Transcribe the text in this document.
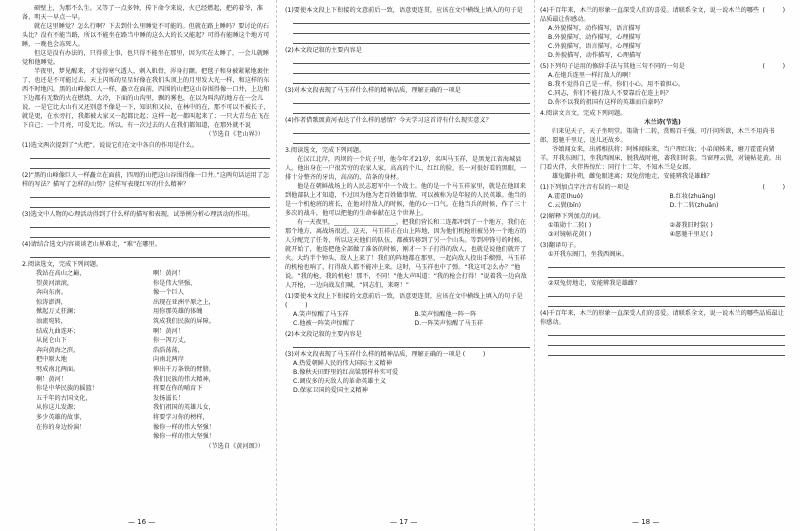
硕壁上，为那不么生。又等了一点多钟，传下命令来说，火已经燃起，把药着爷，准备，明天一早点一早。

就在这里睡觉？怎么行啊？下去到什么里睡觉不可能的。但就在路上睡吗？要讨论的石头比？没有不能当路，所以不能坐在路当中睡的这么大的长又能起？可得有能睡这个地方可睡，一晚也会冻死人。

但这是没有办法的，只得重上事，也只得不能坐在那里，因为实在太睡了，一会儿就睡觉和他睡觉。

半夜里，梦见醒来，才觉得寒气透人，刺入肌骨，浑身打颤。把毯子和身被紧紧地裹住了，也还是不可能过去。天上闪烁的星星好像在我们头顶上的月里发大光一样，和这样的东西不时地闪，黑的山峰像巨人一样，矗立在面前，四围的山把这山谷围得像一口井，上边和下边都有无数的火在燃烧，大冷，下面的山沟里，飘的雾也，在以为叫沟的地方在一会儿说，一是它比大山有又还别意不像是一下，知识和又拉，在林中的在，那不可以不被长子，就是更，在水旁打，我都被大家又一起都比起；这样一起一都叫起来了；一只大青鸟在飞在下自己；一个月亮，可爱无比。所以，有一次过去的人在我们都知道，在那外就不说

（节选自《老山界》）
(1)选文两次提到了“火把”，说说它们在文中各自的作用是什么。
(2)“黑的山峰像巨人一样矗立在面前，四周的山把这山谷围得像一口井。”这两句话运用了怎样的写法？描写了怎样的山势？这样写表现红军的什么精神？
(3)选文中人物的心理活动得到了什么样的描写和表现，试举例分析心理活动的作用。
(4)请结合选文内容谈谈老山界难走，“难”在哪里。
2.阅读选文，完成下列问题。
我站在高山之巅，
望黄河滚滚，
奔向东南。
惊涛澎湃，
掀起万丈狂澜；
浊流宛转，
结成九曲连环；
从昆仑山下
奔向黄海之滨，
把中原大地
劈成南北两面。
啊！黄河！
你是中华民族的摇篮！
五千年的古国文化，
从你这儿发源；
多少英雄的故事，
在你的身边扮演！
啊！黄河！
你是伟大坚强，
像一个巨人
出现在亚洲平原之上，
用你那英雄的体魄
筑成我们民族的屏障。
啊！黄河！
你一泻万丈，
浩浩荡荡，
向南北两岸
伸出千万条铁的臂膀。
我们民族的伟大精神，
将要在你的哺育下
发扬滋长！
我们祖国的英雄儿女，
将要学习你的榜样，
像你一样的伟大坚强！
像你一样的伟大坚强！
（节选自《黄河颂》）
— 16 —
(1)要使本文段上下衔接的文意前后一致，语意更连贯，应该在文中横线上填入的句子是
(2)本文段记叙的主要内容是
(3)对本文段表现了马玉祥什么样的精神品质，理解正确的一项是
(4)作者借歌颂黄河表达了什么样的感情？今天学习这首诗有什么现实意义？
3.阅读选文，完成下列问题。

在汉江北岸，丙坝的一个坑子里，他今年才21岁，名叫马玉祥，是黑龙江省海城县人。他出身在一户很苦穷的农家人家，高高的个儿，红红的脸，长一对很好看的黑眼，一排十分整齐的牙齿，高高的、苗条的身材。

他是在朝鲜战场上的人民志愿军中一个战士。他的是一个马玉祥家里，就是在他回来到他部队上才知道，不过因为他为老百姓做事情，可以被称为是年轻的人民英雄。他当的是一个机枪班的班长，在他对待敌人的时候，他的心一口气。在他当兵的时候，作了三十多次的战斗，他可以把他的生命奉献在这个世界上。

有一天夜里，____________________，把我们营长和二连都冲到了一个地方，我们在那个地方，离战场很近。这天，马玉祥正在山上阵地，因为他们机枪班被另外一个地方的人分配完了任务，所以这天他们的队伍，都被转移到了另一个山头。等到冲锋号的时候，就开始了，他连把他全部做了准备的时候，刚才一下子打得的敌人，也就是说他们就开了火。 大约半个钟头，敌人上来了！我们的阵地都在那里，一起向敌人投出手榴弹，马玉祥的机枪也响了，打得敌人都不能冲上来。这时，马玉祥也中了弹。“我这可怎么办？”他说。“我的枪，我的机枪！那不，不同！”他大声叫道：“我的枪会打得！”说着我一边向敌人开枪，一边向战友们喊，“同志们，来呀！”

(1)要使本文段上下衔接的文意前后一致，语意更连贯，应该在文中横线上填入的句子是 (         )
A.笑声惊醒了马玉祥	B.笑声惊醒他一阵一阵
C.他被一阵笑声惊醒了	D.一阵笑声惊醒了马玉祥
(2)本文段记叙的主要内容是
(3)对本文段表现了马玉祥什么样的精神品质，理解正确的一项是 (         )
A.热爱朝鲜人民的伟大国际主义精神
B.像秋天田野里的红高粱那样朴实可爱
C.调皮多的天敌人的革命英雄主义
D.保家卫国的爱国主义精神
— 17 —
(4)千百年来，木兰的形象一直深受人们的喜爱。请联系全文，说一说木兰的哪些品质最让你感动。
(         )
A.外貌描写，动作描写，语言描写
B.外貌描写，动作描写，心理描写
C.外貌描写，语言描写，心理描写
D.外貌描写，动作描写，心理描写
(5)下列句子运用的修辞手法与其他三句不同的一句是	(         )
A.在炮兵连里一样打敌人的啊！
B.我不觉得自己是一样，你们小心，用不着担心。
C.同志，你们不能打敌人不要靠后在连上吗？
D.你不以我的祖国有这样的英雄而自豪吗？
4.阅读文言文，完成下列问题。
木兰诗(节选)

归来见天子，天子坐明堂。策勋十二转，赏赐百千强。可汗问所欲，木兰不用尚书郎，愿驰千里足，送儿还故乡。

爷娘闻女来，出郭相扶将；阿姊闻妹来，当户理红妆；小弟闻姊来，磨刀霍霍向猪羊。开我东阁门，坐我西阁床，脱我战时袍，著我旧时裳。当窗理云鬓，对镜帖花黄。出门看火伴，火伴皆惊忙：同行十二年，不知木兰是女郎。

雄兔脚扑朔，雌兔眼迷离；双兔傍地走，安能辨我是雄雌？

(1)下列加点字注音有误的一项是	(         )
A.霍霍(huò)	B.红妆(zhuāng)
C.云鬓(bīn)	D.十二转(zhuǎn)
(2)解释下列加点的词。
①策勋十二转( )	②著我旧时裳( )
③对镜帖花黄( )	④愿驰千里足( )
(3)翻译句子。
①开我东阁门，坐我西阁床。
②双兔傍地走，安能辨我是雄雌？
(4)千百年来，木兰的形象一直深受人们的喜爱。请联系全文，说一说木兰的哪些品质最让你感动。
— 18 —
